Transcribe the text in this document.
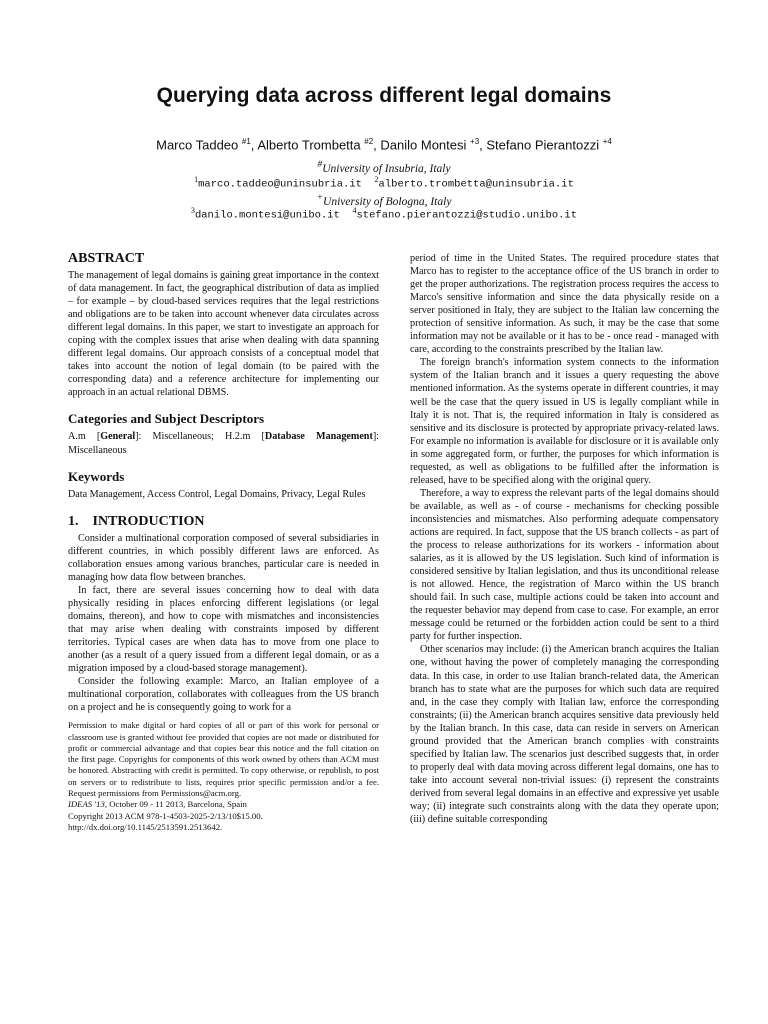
Querying data across different legal domains
Marco Taddeo $^{\#1}$, Alberto Trombetta $^{\#2}$, Danilo Montesi $^{+3}$, Stefano Pierantozzi $^{+4}$
#University of Insubria, Italy
$^1$marco.taddeo@uninsubria.it $^2$alberto.trombetta@uninsubria.it
+University of Bologna, Italy
$^3$danilo.montesi@unibo.it $^4$stefano.pierantozzi@studio.unibo.it
ABSTRACT

The management of legal domains is gaining great importance in the context of data management. In fact, the geographical distribution of data as implied – for example – by cloud-based services requires that the legal restrictions and obligations are to be taken into account whenever data circulates across different legal domains. In this paper, we start to investigate an approach for coping with the complex issues that arise when dealing with data spanning different legal domains. Our approach consists of a conceptual model that takes into account the notion of legal domain (to be paired with the corresponding data) and a reference architecture for implementing our approach in an actual relational DBMS.

Categories and Subject Descriptors

A.m [General]: Miscellaneous; H.2.m [Database Management]: Miscellaneous

Keywords

Data Management, Access Control, Legal Domains, Privacy, Legal Rules

1.    INTRODUCTION

Consider a multinational corporation composed of several subsidiaries in different countries, in which possibly different laws are enforced. As collaboration ensues among various branches, particular care is needed in managing how data flow between branches.

In fact, there are several issues concerning how to deal with data physically residing in places enforcing different legislations (or legal domains, thereon), and how to cope with mismatches and inconsistencies that may arise when dealing with constraints imposed by different territories. Typical cases are when data has to move from one place to another (as a result of a query issued from a different legal domain, or as a migration imposed by a cloud-based storage management).

Consider the following example: Marco, an Italian employee of a multinational corporation, collaborates with colleagues from the US branch on a project and he is consequently going to work for a

Permission to make digital or hard copies of all or part of this work for personal or classroom use is granted without fee provided that copies are not made or distributed for profit or commercial advantage and that copies bear this notice and the full citation on the first page. Copyrights for components of this work owned by others than ACM must be honored. Abstracting with credit is permitted. To copy otherwise, or republish, to post on servers or to redistribute to lists, requires prior specific permission and/or a fee. Request permissions from Permissions@acm.org.

IDEAS '13, October 09 - 11 2013, Barcelona, Spain

Copyright 2013 ACM 978-1-4503-2025-2/13/10$15.00.

http://dx.doi.org/10.1145/2513591.2513642.

period of time in the United States. The required procedure states that Marco has to register to the acceptance office of the US branch in order to get the proper authorizations. The registration process requires the access to Marco's sensitive information and since the data physically reside on a server positioned in Italy, they are subject to the Italian law concerning the protection of sensitive information. As such, it may be the case that some information may not be available or it has to be - once read - managed with care, according to the constraints prescribed by the Italian law.

The foreign branch's information system connects to the information system of the Italian branch and it issues a query requesting the above mentioned information. As the systems operate in different countries, it may well be the case that the query issued in US is legally compliant while in Italy it is not. That is, the required information in Italy is considered as sensitive and its disclosure is protected by appropriate privacy-related laws. For example no information is available for disclosure or it is available only in some aggregated form, or further, the purposes for which information is requested, as well as obligations to be fulfilled after the information is released, have to be specified along with the original query.

Therefore, a way to express the relevant parts of the legal domains should be available, as well as - of course - mechanisms for checking possible inconsistencies and mismatches. Also performing adequate compensatory actions are required. In fact, suppose that the US branch collects - as part of the process to release authorizations for its workers - information about salaries, as it is allowed by the US legislation. Such kind of information is considered sensitive by Italian legislation, and thus its unconditional release is not allowed. Hence, the registration of Marco within the US branch should fail. In such case, multiple actions could be taken into account and the requester behavior may depend from case to case. For example, an error message could be returned or the forbidden action could be sent to a third party for further inspection.

Other scenarios may include: (i) the American branch acquires the Italian one, without having the power of completely managing the corresponding data. In this case, in order to use Italian branch-related data, the American branch has to state what are the purposes for which such data are required and, in the case they comply with Italian law, enforce the corresponding constraints; (ii) the American branch acquires sensitive data previously held by the Italian branch. In this case, data can reside in servers on American ground provided that the American branch complies with constraints specified by Italian law. The scenarios just described suggests that, in order to properly deal with data moving across different legal domains, one has to take into account several non-trivial issues: (i) represent the constraints derived from several legal domains in an effective and expressive yet usable way; (ii) integrate such constraints along with the data they operate upon; (iii) define suitable corresponding
